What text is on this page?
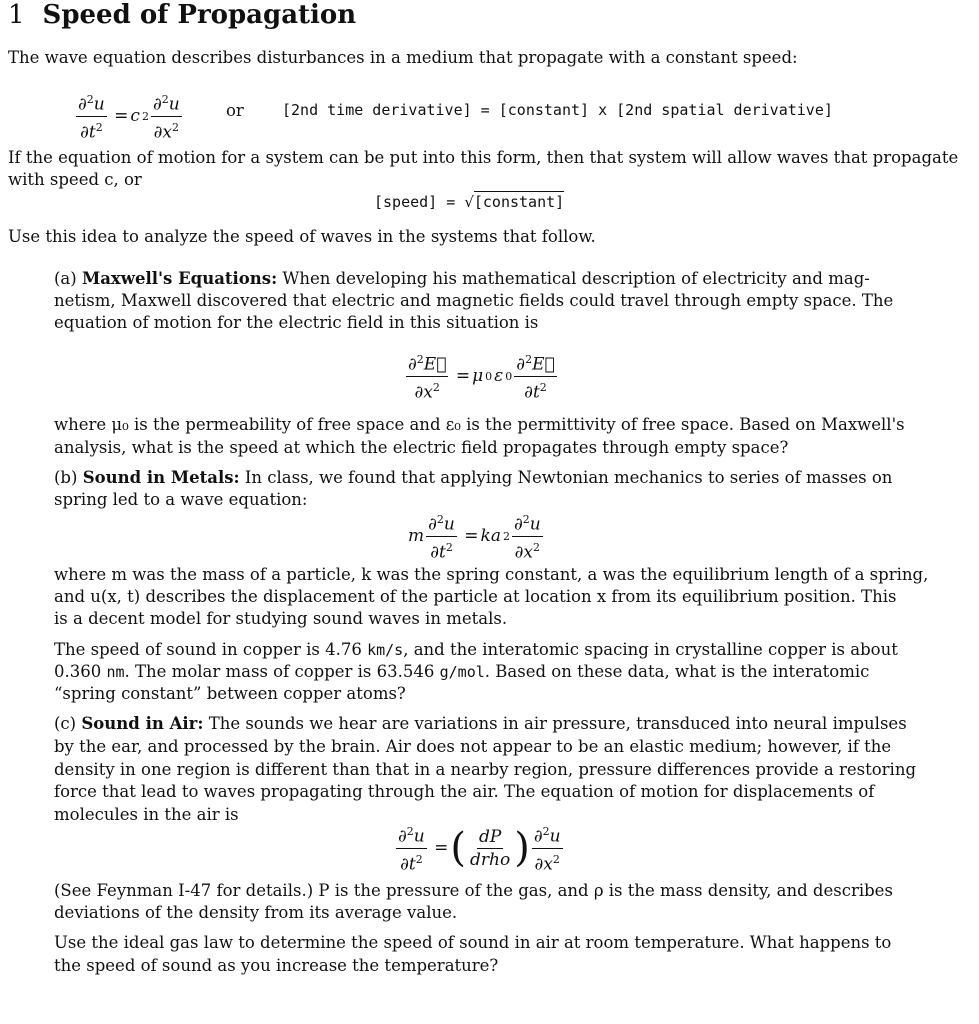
1 Speed of Propagation
The wave equation describes disturbances in a medium that propagate with a constant speed:
$\frac{\partial^2u}{\partial t^2} = c$ $2 \frac{\partial^2u}{\partial x^2}$	or	[2nd time derivative] = [constant] x [2nd spatial derivative]
If the equation of motion for a system can be put into this form, then that system will allow waves that propagate
with speed c, or
[speed] = √[constant]
Use this idea to analyze the speed of waves in the systems that follow.
(a) Maxwell's Equations: When developing his mathematical description of electricity and mag-
netism, Maxwell discovered that electric and magnetic fields could travel through empty space. The
equation of motion for the electric field in this situation is
$\frac{\partial^2E⃗}{\partial x^2} = \mu$ 0 ε $0 \frac{\partial^2E⃗}{\partial t^2}$
where μ₀ is the permeability of free space and ε₀ is the permittivity of free space. Based on Maxwell's
analysis, what is the speed at which the electric field propagates through empty space?
(b) Sound in Metals: In class, we found that applying Newtonian mechanics to series of masses on
spring led to a wave equation:
m $\frac{\partial^2u}{\partial t^2}$ = ka $2 \frac{\partial^2u}{\partial x^2}$
where m was the mass of a particle, k was the spring constant, a was the equilibrium length of a spring,
and u(x, t) describes the displacement of the particle at location x from its equilibrium position. This
is a decent model for studying sound waves in metals.
The speed of sound in copper is 4.76 km/s, and the interatomic spacing in crystalline copper is about
0.360 nm. The molar mass of copper is 63.546 g/mol. Based on these data, what is the interatomic
“spring constant” between copper atoms?
(c) Sound in Air: The sounds we hear are variations in air pressure, transduced into neural impulses
by the ear, and processed by the brain. Air does not appear to be an elastic medium; however, if the
density in one region is different than that in a nearby region, pressure differences provide a restoring
force that lead to waves propagating through the air. The equation of motion for displacements of
molecules in the air is
$\frac{\partial^2u}{\partial t^2}$ = ( $\frac{dP}{\text{drho}}$ ) $\frac{\partial^2u}{\partial x^2}$
(See Feynman I-47 for details.) P is the pressure of the gas, and ρ is the mass density, and describes
deviations of the density from its average value.
Use the ideal gas law to determine the speed of sound in air at room temperature. What happens to
the speed of sound as you increase the temperature?
